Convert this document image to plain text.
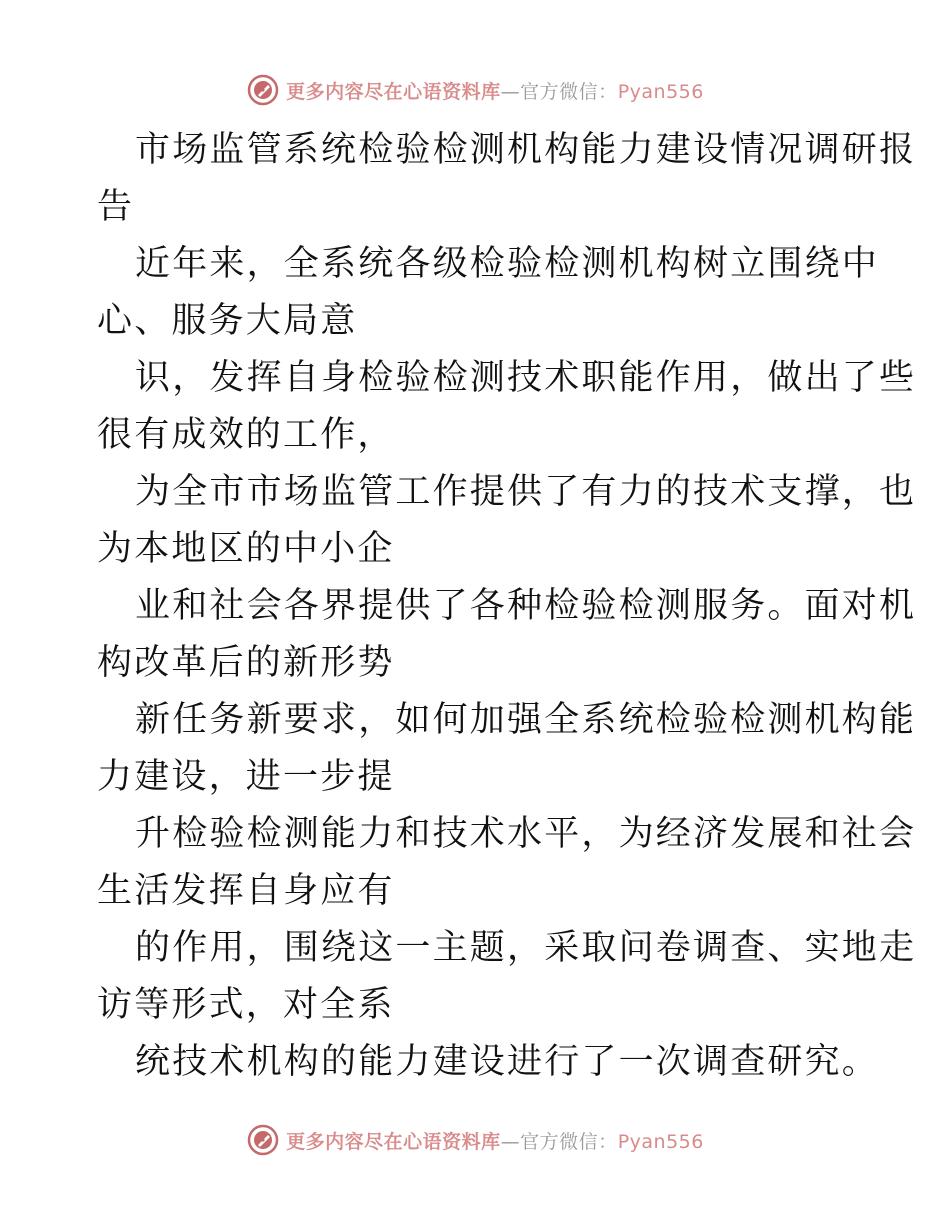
更多内容尽在心语资料库—官方微信：Pyan556
市场监管系统检验检测机构能力建设情况调研报
告
近年来，全系统各级检验检测机构树立围绕中
心、服务大局意
识，发挥自身检验检测技术职能作用，做出了些
很有成效的工作，
为全市市场监管工作提供了有力的技术支撑，也
为本地区的中小企
业和社会各界提供了各种检验检测服务。面对机
构改革后的新形势
新任务新要求，如何加强全系统检验检测机构能
力建设，进一步提
升检验检测能力和技术水平，为经济发展和社会
生活发挥自身应有
的作用，围绕这一主题，采取问卷调查、实地走
访等形式，对全系
统技术机构的能力建设进行了一次调查研究。
更多内容尽在心语资料库—官方微信：Pyan556
